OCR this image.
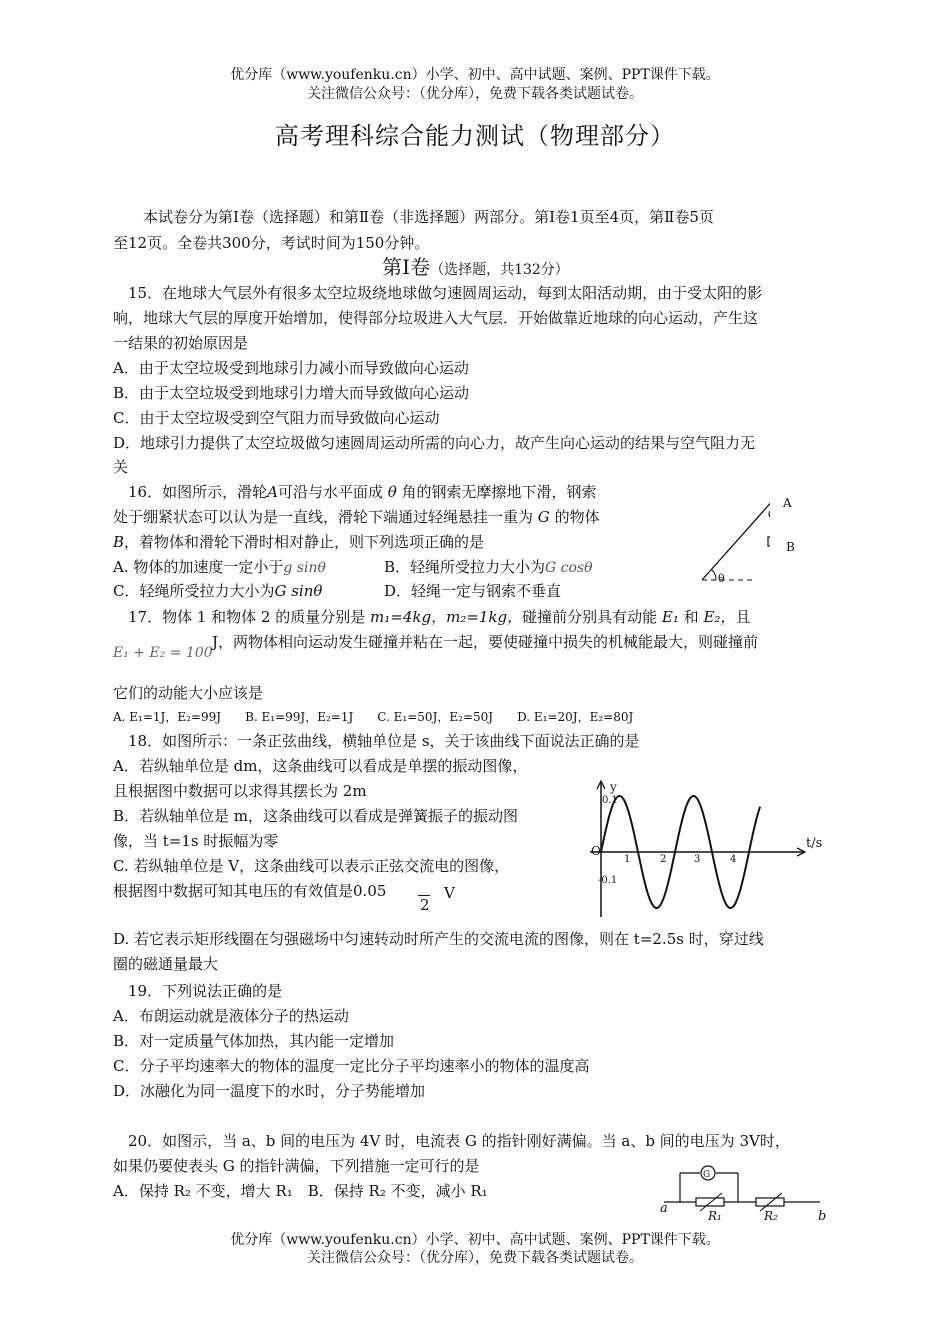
优分库（www.youfenku.cn）小学、初中、高中试题、案例、PPT课件下载。
关注微信公众号：（优分库），免费下载各类试题试卷。
高考理科综合能力测试（物理部分）
本试卷分为第Ⅰ卷（选择题）和第Ⅱ卷（非选择题）两部分。第Ⅰ卷1页至4页，第Ⅱ卷5页
至12页。全卷共300分，考试时间为150分钟。
第Ⅰ卷（选择题，共132分）
15．在地球大气层外有很多太空垃圾绕地球做匀速圆周运动，每到太阳活动期，由于受太阳的影
响，地球大气层的厚度开始增加，使得部分垃圾进入大气层．开始做靠近地球的向心运动，产生这
一结果的初始原因是
A．由于太空垃圾受到地球引力减小而导致做向心运动
B．由于太空垃圾受到地球引力增大而导致做向心运动
C．由于太空垃圾受到空气阻力而导致做向心运动
D．地球引力提供了太空垃圾做匀速圆周运动所需的向心力，故产生向心运动的结果与空气阻力无
关
16．如图所示，滑轮A可沿与水平面成 θ 角的钢索无摩擦地下滑，钢索
处于绷紧状态可以认为是一直线，滑轮下端通过轻绳悬挂一重为 G 的物体
B，着物体和滑轮下滑时相对静止，则下列选项正确的是
A. 物体的加速度一定小于g sinθ	B．轻绳所受拉力大小为G cosθ
C．轻绳所受拉力大小为G sinθ	D．轻绳一定与钢索不垂直
A
B
θ
17．物体 1 和物体 2 的质量分别是 m₁=4kg，m₂=1kg，碰撞前分别具有动能 E₁ 和 E₂，且
E₁ + E₂ = 100
J，两物体相向运动发生碰撞并粘在一起，要使碰撞中损失的机械能最大，则碰撞前
它们的动能大小应该是
A. E₁=1J，E₂=99J　　B. E₁=99J，E₂=1J　　C. E₁=50J，E₂=50J　　D. E₁=20J，E₂=80J
18．如图所示：一条正弦曲线，横轴单位是 s，关于该曲线下面说法正确的是
A．若纵轴单位是 dm，这条曲线可以看成是单摆的振动图像，
且根据图中数据可以求得其摆长为 2m
B．若纵轴单位是 m，这条曲线可以看成是弹簧振子的振动图
像，当 t=1s 时振幅为零
C. 若纵轴单位是 V，这条曲线可以表示正弦交流电的图像，
根据图中数据可知其电压的有效值是0.05
2
V
D. 若它表示矩形线圈在匀强磁场中匀速转动时所产生的交流电流的图像，则在 t=2.5s 时，穿过线
圈的磁通量最大
y
0.1
-0.1
O	t/s
1	2	3	4
19．下列说法正确的是
A．布朗运动就是液体分子的热运动
B．对一定质量气体加热，其内能一定增加
C．分子平均速率大的物体的温度一定比分子平均速率小的物体的温度高
D．冰融化为同一温度下的水时，分子势能增加
20．如图示，当 a、b 间的电压为 4V 时，电流表 G 的指针刚好满偏。当 a、b 间的电压为 3V时，
如果仍要使表头 G 的指针满偏，下列措施一定可行的是
A．保持 R₂ 不变，增大 R₁　B．保持 R₂ 不变，减小 R₁
G
a
b
R₁	R₂
优分库（www.youfenku.cn）小学、初中、高中试题、案例、PPT课件下载。
关注微信公众号：（优分库），免费下载各类试题试卷。
